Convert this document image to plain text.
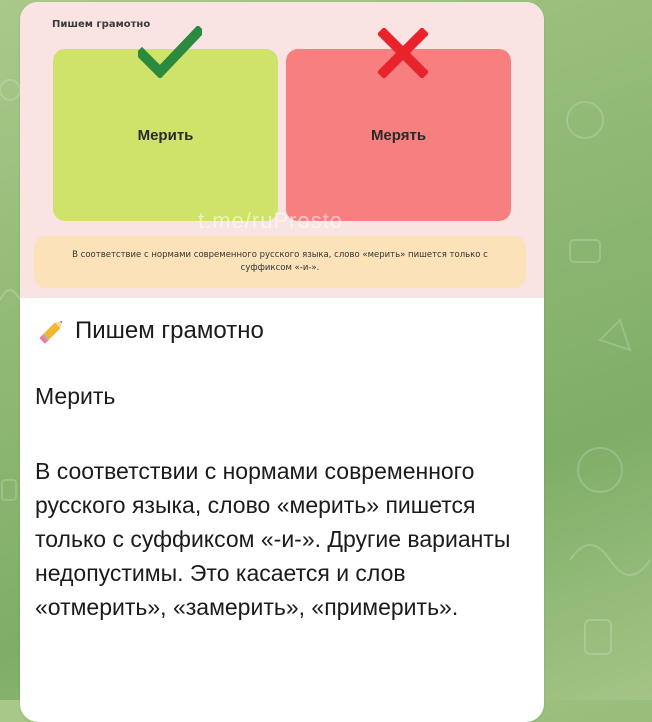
Пишем грамотно
Мерить	Мерять
t.me/ruProsto
В соответствие с нормами современного русского языка, слово «мерить» пишется только с суффиксом «-и-».
Пишем грамотно
Мерить
В соответствии с нормами современного русского языка, слово «мерить» пишется только с суффиксом «-и-». Другие варианты недопустимы. Это касается и слов «отмерить», «замерить», «примерить».
